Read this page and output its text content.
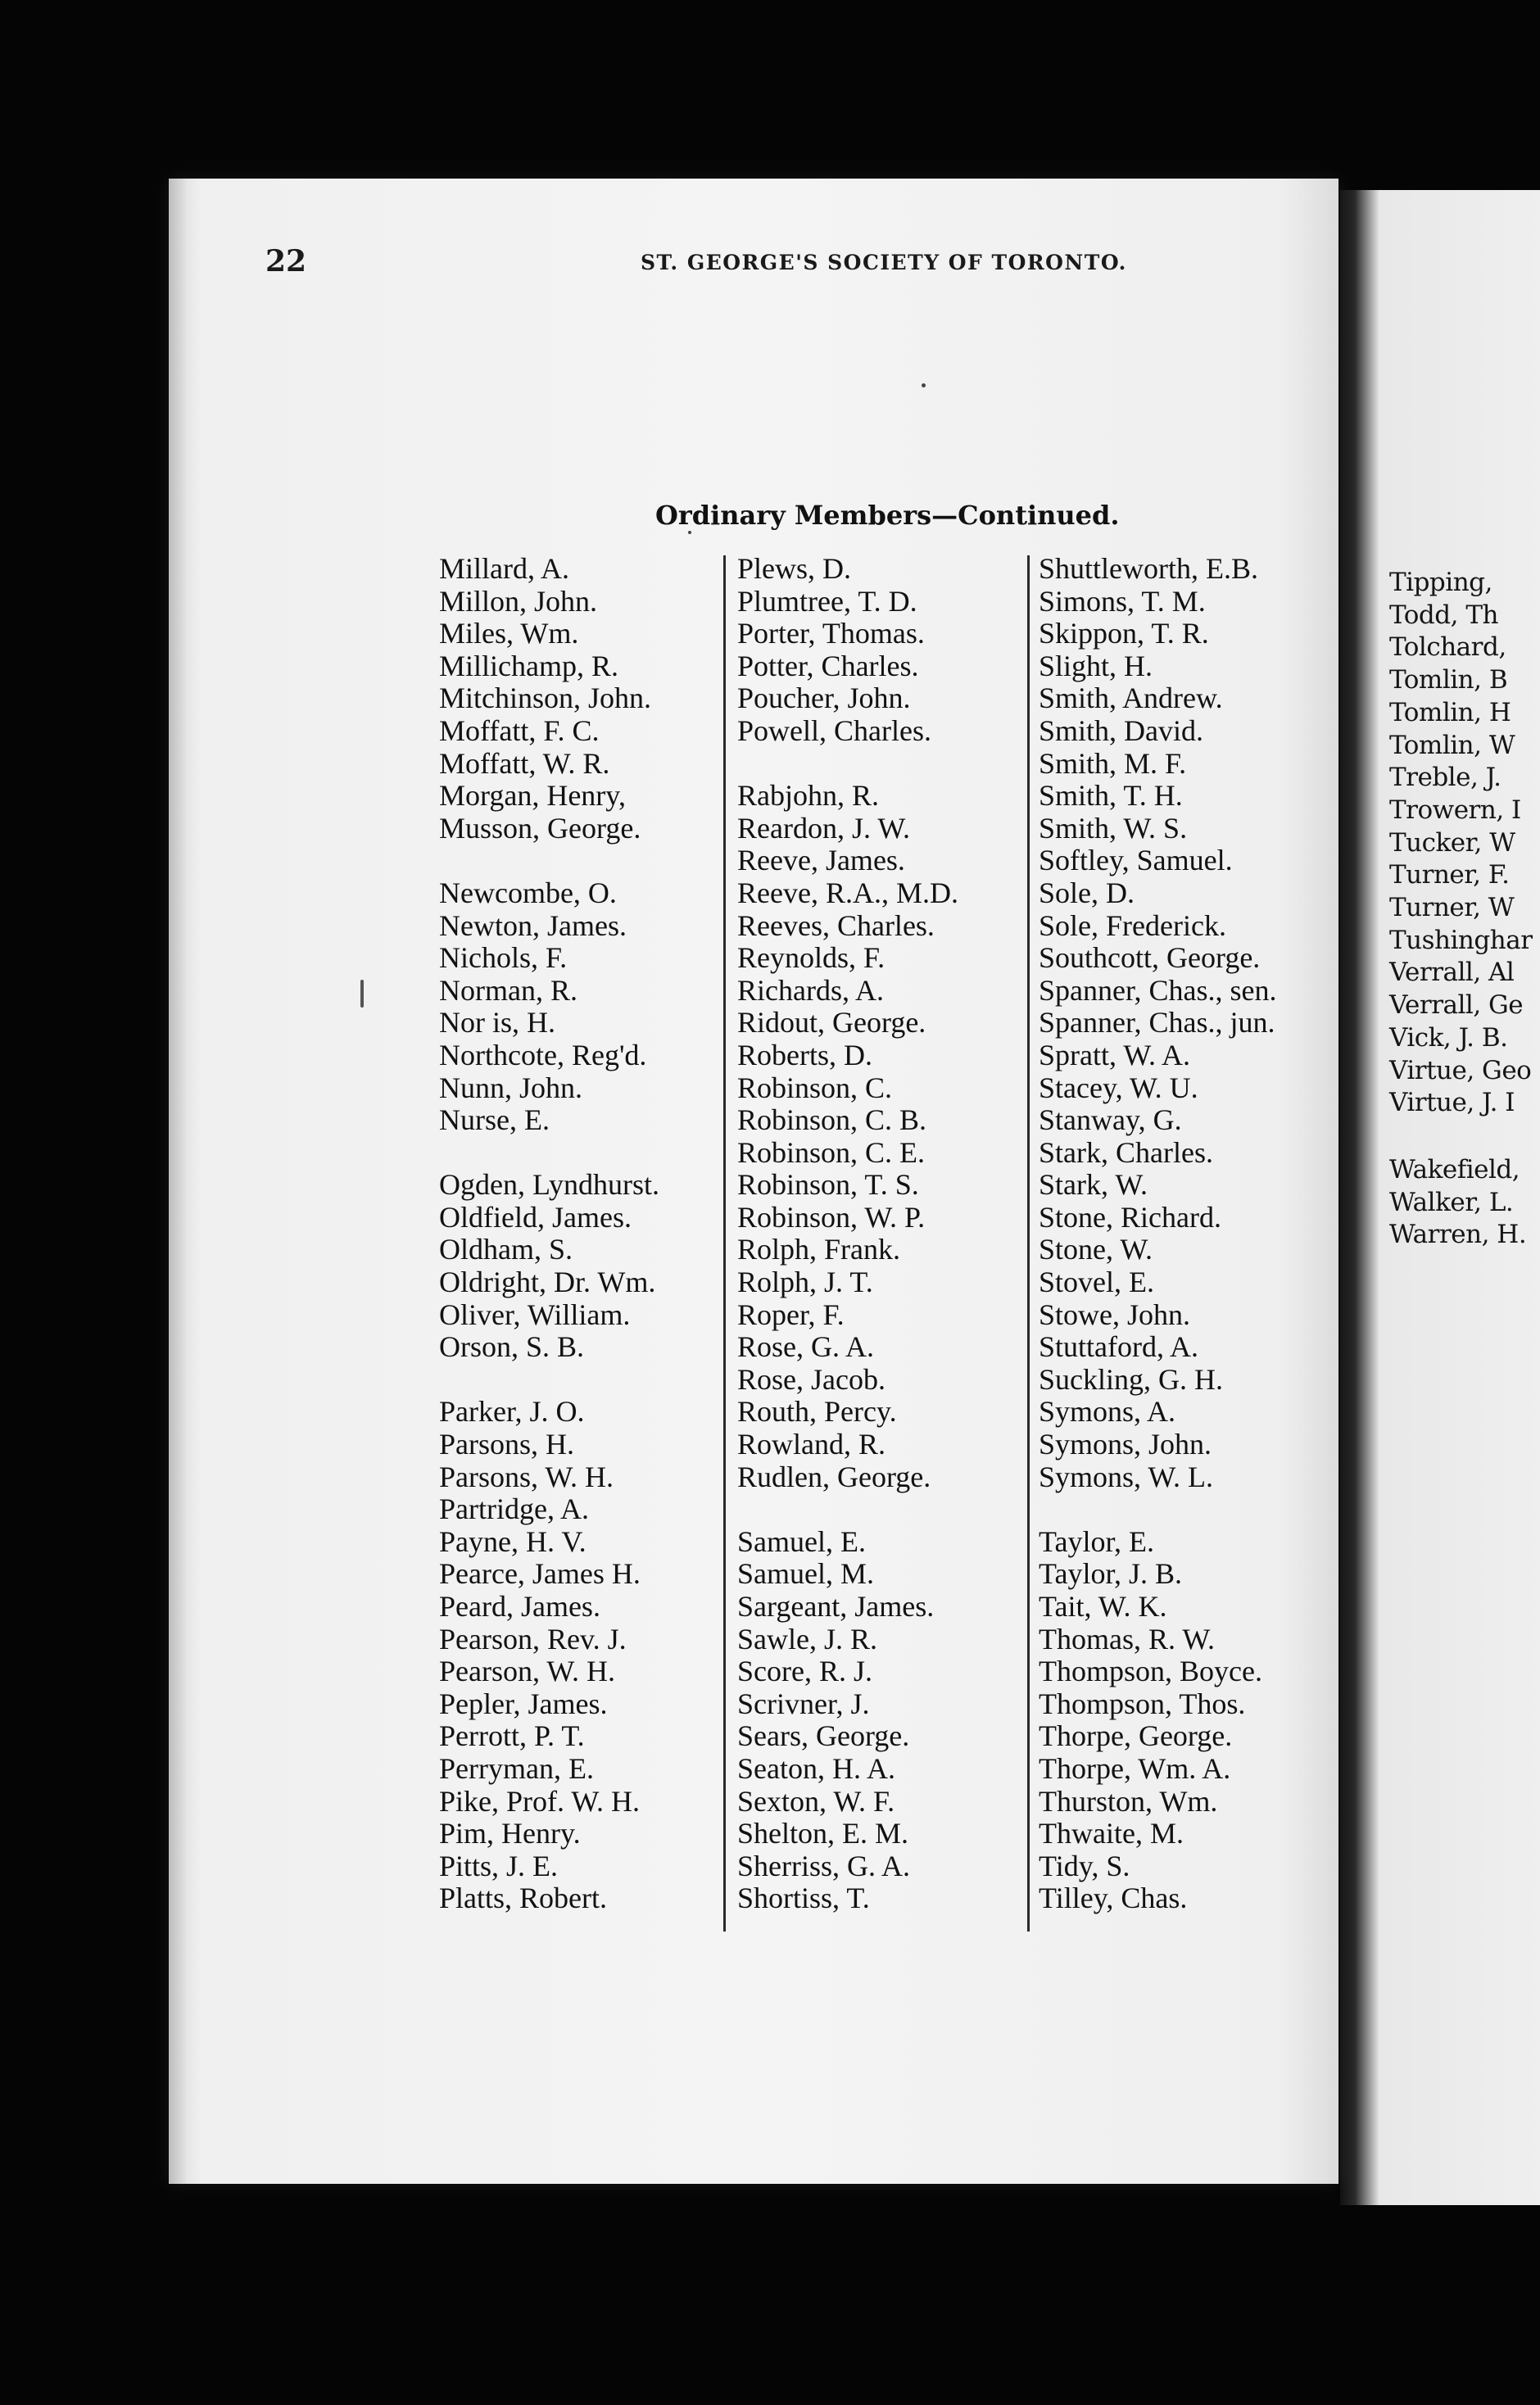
Tipping,
Todd, Th
Tolchard,
Tomlin, B
Tomlin, H
Tomlin, W
Treble, J.
Trowern, I
Tucker, W
Turner, F.
Turner, W
Tushinghar
Verrall, Al
Verrall, Ge
Vick, J. B.
Virtue, Geo
Virtue, J. I
Wakefield,
Walker, L.
Warren, H.
22	ST. GEORGE'S SOCIETY OF TORONTO.
Ordinary Members—Continued.
Millard, A.
Millon, John.
Miles, Wm.
Millichamp, R.
Mitchinson, John.
Moffatt, F. C.
Moffatt, W. R.
Morgan, Henry,
Musson, George.
Newcombe, O.
Newton, James.
Nichols, F.
Norman, R.
Nor is, H.
Northcote, Reg'd.
Nunn, John.
Nurse, E.
Ogden, Lyndhurst.
Oldfield, James.
Oldham, S.
Oldright, Dr. Wm.
Oliver, William.
Orson, S. B.
Parker, J. O.
Parsons, H.
Parsons, W. H.
Partridge, A.
Payne, H. V.
Pearce, James H.
Peard, James.
Pearson, Rev. J.
Pearson, W. H.
Pepler, James.
Perrott, P. T.
Perryman, E.
Pike, Prof. W. H.
Pim, Henry.
Pitts, J. E.
Platts, Robert.
Plews, D.
Plumtree, T. D.
Porter, Thomas.
Potter, Charles.
Poucher, John.
Powell, Charles.
Rabjohn, R.
Reardon, J. W.
Reeve, James.
Reeve, R.A., M.D.
Reeves, Charles.
Reynolds, F.
Richards, A.
Ridout, George.
Roberts, D.
Robinson, C.
Robinson, C. B.
Robinson, C. E.
Robinson, T. S.
Robinson, W. P.
Rolph, Frank.
Rolph, J. T.
Roper, F.
Rose, G. A.
Rose, Jacob.
Routh, Percy.
Rowland, R.
Rudlen, George.
Samuel, E.
Samuel, M.
Sargeant, James.
Sawle, J. R.
Score, R. J.
Scrivner, J.
Sears, George.
Seaton, H. A.
Sexton, W. F.
Shelton, E. M.
Sherriss, G. A.
Shortiss, T.
Shuttleworth, E.B.
Simons, T. M.
Skippon, T. R.
Slight, H.
Smith, Andrew.
Smith, David.
Smith, M. F.
Smith, T. H.
Smith, W. S.
Softley, Samuel.
Sole, D.
Sole, Frederick.
Southcott, George.
Spanner, Chas., sen.
Spanner, Chas., jun.
Spratt, W. A.
Stacey, W. U.
Stanway, G.
Stark, Charles.
Stark, W.
Stone, Richard.
Stone, W.
Stovel, E.
Stowe, John.
Stuttaford, A.
Suckling, G. H.
Symons, A.
Symons, John.
Symons, W. L.
Taylor, E.
Taylor, J. B.
Tait, W. K.
Thomas, R. W.
Thompson, Boyce.
Thompson, Thos.
Thorpe, George.
Thorpe, Wm. A.
Thurston, Wm.
Thwaite, M.
Tidy, S.
Tilley, Chas.
